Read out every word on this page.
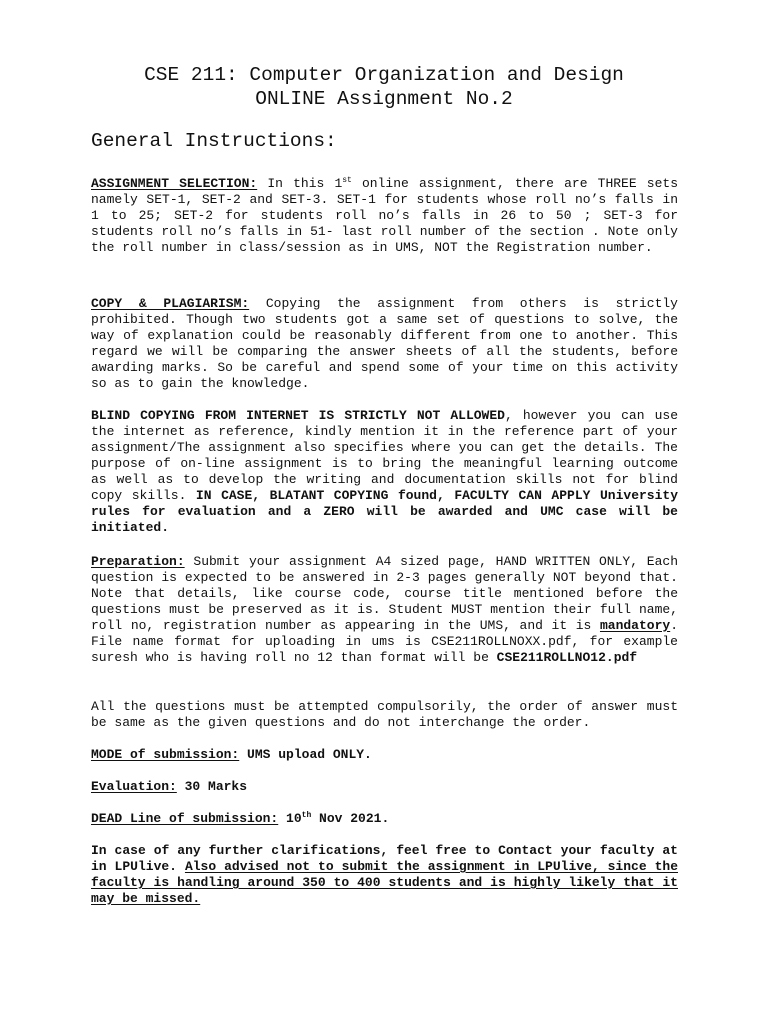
CSE 211: Computer Organization and Design
ONLINE Assignment No.2
General Instructions:

ASSIGNMENT SELECTION: In this 1st online assignment, there are THREE sets namely SET-1, SET-2 and SET-3. SET-1 for students whose roll no’s falls in 1 to 25; SET-2 for students roll no’s falls in 26 to 50 ; SET-3 for students roll no’s falls in 51- last roll number of the section . Note only the roll number in class/session as in UMS, NOT the Registration number.

COPY & PLAGIARISM: Copying the assignment from others is strictly prohibited. Though two students got a same set of questions to solve, the way of explanation could be reasonably different from one to another. This regard we will be comparing the answer sheets of all the students, before awarding marks. So be careful and spend some of your time on this activity so as to gain the knowledge.

BLIND COPYING FROM INTERNET IS STRICTLY NOT ALLOWED, however you can use the internet as reference, kindly mention it in the reference part of your assignment/The assignment also specifies where you can get the details. The purpose of on-line assignment is to bring the meaningful learning outcome as well as to develop the writing and documentation skills not for blind copy skills. IN CASE, BLATANT COPYING found, FACULTY CAN APPLY University rules for evaluation and a ZERO will be awarded and UMC case will be initiated.

Preparation: Submit your assignment A4 sized page, HAND WRITTEN ONLY, Each question is expected to be answered in 2-3 pages generally NOT beyond that. Note that details, like course code, course title mentioned before the questions must be preserved as it is. Student MUST mention their full name, roll no, registration number as appearing in the UMS, and it is mandatory. File name format for uploading in ums is CSE211ROLLNOXX.pdf, for example suresh who is having roll no 12 than format will be CSE211ROLLNO12.pdf

All the questions must be attempted compulsorily, the order of answer must be same as the given questions and do not interchange the order.

MODE of submission: UMS upload ONLY.

Evaluation: 30 Marks

DEAD Line of submission: 10th Nov 2021.

In case of any further clarifications, feel free to Contact your faculty at in LPUlive. Also advised not to submit the assignment in LPUlive, since the faculty is handling around 350 to 400 students and is highly likely that it may be missed.
